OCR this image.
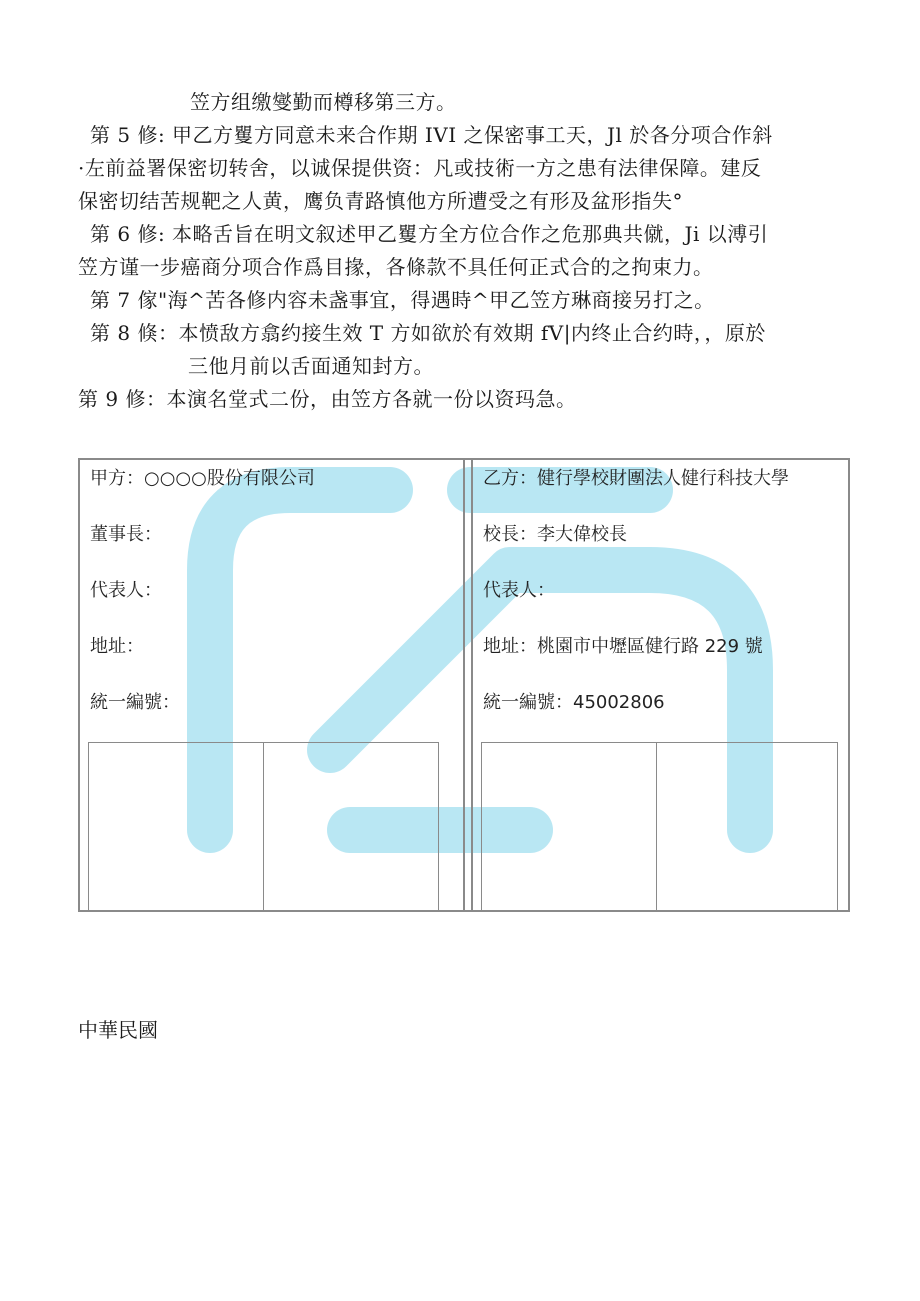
笠方组缴燮勤而樽移第三方。
第 5 修: 甲乙方矍方同意未来合作期 IVI 之保密事工天，Jl 於各分项合作斜
·左前益署保密切转舍，以诚保提供资：凡或技術一方之患有法律保障。建反
保密切结苦规靶之人黄，鹰负青路慎他方所遭受之有形及盆形指失°
第 6 修: 本略舌旨在明文叙述甲乙矍方全方位合作之危那典共僦，Ji 以溥引
笠方谨一步癌商分项合作爲目掾，各條款不具任何正式合的之拘束力。
第 7 傢"海^苦各修内容未盏事宜，得遇時^甲乙笠方琳商接另打之。
第 8 倏：本愤敌方翕约接生效 T 方如欲於有效期 fV|内终止合约時，，原於
三他月前以舌面通知封方。
第 9 修：本演名堂式二份，由笠方各就一份以资玛急。
甲方：○○○○股份有限公司
董事長：
代表人：
地址：
統一編號：
乙方：健行學校財團法人健行科技大學
校長：李大偉校長
代表人：
地址：桃園市中壢區健行路 229 號
統一編號：45002806
中華民國
